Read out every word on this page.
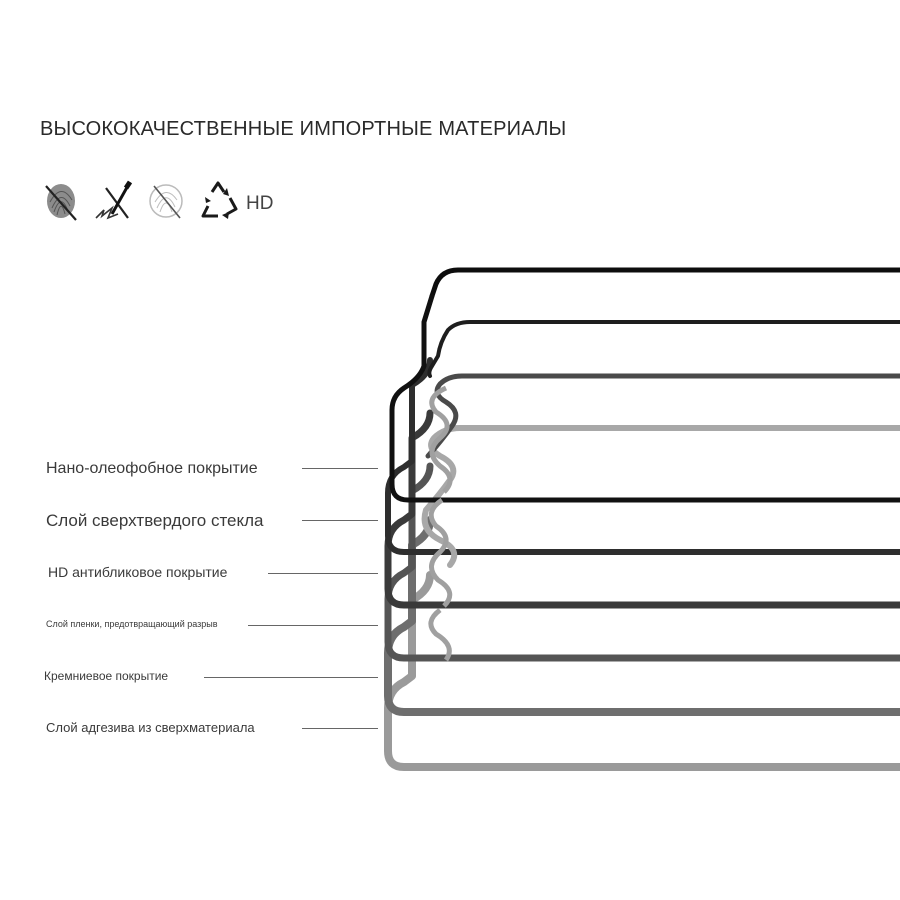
ВЫСОКОКАЧЕСТВЕННЫЕ ИМПОРТНЫЕ МАТЕРИАЛЫ
HD
Нано-олеофобное покрытие
Слой сверхтвердого стекла
HD антибликовое покрытие
Слой пленки, предотвращающий разрыв
Кремниевое покрытие
Слой адгезива из сверхматериала
